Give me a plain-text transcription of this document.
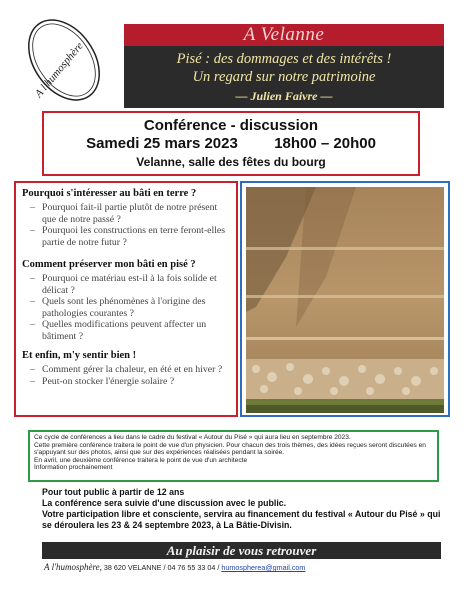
A l'humosphère
A Velanne
Pisé : des dommages et des intérêts !
Un regard sur notre patrimoine
— Julien Faivre —
Conférence - discussion
Samedi 25 mars 2023 18h00 – 20h00
Velanne, salle des fêtes du bourg
Pourquoi s'intéresser au bâti en terre ?
– Pourquoi fait-il partie plutôt de notre présent que de notre passé ?
– Pourquoi les constructions en terre feront-elles partie de notre futur ?
Comment préserver mon bâti en pisé ?
– Pourquoi ce matériau est-il à la fois solide et délicat ?
– Quels sont les phénomènes à l'origine des pathologies courantes ?
– Quelles modifications peuvent affecter un bâtiment ?
Et enfin, m'y sentir bien !
– Comment gérer la chaleur, en été et en hiver ?
– Peut-on stocker l'énergie solaire ?

Ce cycle de conférences a lieu dans le cadre du festival « Autour du Pisé » qui aura lieu en septembre 2023.

Cette première conférence traitera le point de vue d'un physicien. Pour chacun des trois thèmes, des idées reçues seront discutées en s'appuyant sur des photos, ainsi que sur des expériences réalisées pendant la soirée.

En avril, une deuxième conférence traitera le point de vue d'un architecte

Information prochainement

Pour tout public à partir de 12 ans

La conférence sera suivie d'une discussion avec le public.

Votre participation libre et consciente, servira au financement du festival « Autour du Pisé » qui se déroulera les 23 & 24 septembre 2023, à La Bâtie-Divisin.

Au plaisir de vous retrouver
A l'humosphère, 38 620 VELANNE / 04 76 55 33 04 / humospherea@gmail.com
